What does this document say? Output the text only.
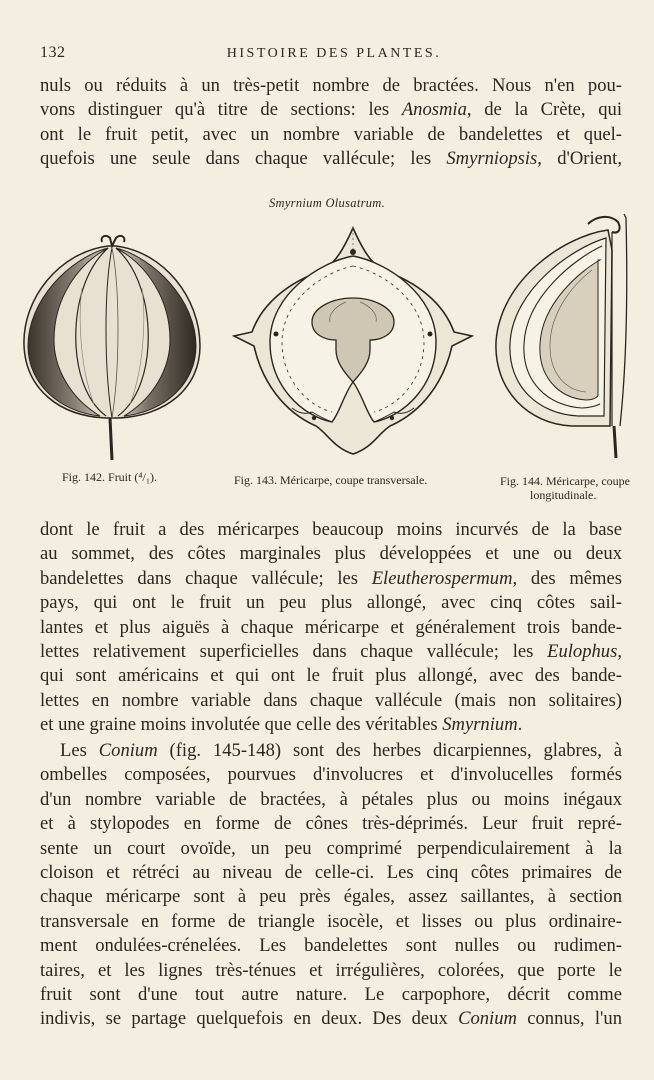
132	HISTOIRE DES PLANTES.

nuls ou réduits à un très-petit nombre de bractées. Nous n'en pou-
vons distinguer qu'à titre de sections: les Anosmia, de la Crète, qui
ont le fruit petit, avec un nombre variable de bandelettes et quel-
quefois une seule dans chaque vallécule; les Smyrniopsis, d'Orient,

Smyrnium Olusatrum.
Fig. 142. Fruit (⁴/₁).	Fig. 143. Méricarpe, coupe transversale.	Fig. 144. Méricarpe, coupe
longitudinale.

dont le fruit a des méricarpes beaucoup moins incurvés de la base
au sommet, des côtes marginales plus développées et une ou deux
bandelettes dans chaque vallécule; les Eleutherospermum, des mêmes
pays, qui ont le fruit un peu plus allongé, avec cinq côtes sail-
lantes et plus aiguës à chaque méricarpe et généralement trois bande-
lettes relativement superficielles dans chaque vallécule; les Eulophus,
qui sont américains et qui ont le fruit plus allongé, avec des bande-
lettes en nombre variable dans chaque vallécule (mais non solitaires)
et une graine moins involutée que celle des véritables Smyrnium.

Les Conium (fig. 145-148) sont des herbes dicarpiennes, glabres, à
ombelles composées, pourvues d'involucres et d'involucelles formés
d'un nombre variable de bractées, à pétales plus ou moins inégaux
et à stylopodes en forme de cônes très-déprimés. Leur fruit repré-
sente un court ovoïde, un peu comprimé perpendiculairement à la
cloison et rétréci au niveau de celle-ci. Les cinq côtes primaires de
chaque méricarpe sont à peu près égales, assez saillantes, à section
transversale en forme de triangle isocèle, et lisses ou plus ordinaire-
ment ondulées-crénelées. Les bandelettes sont nulles ou rudimen-
taires, et les lignes très-ténues et irrégulières, colorées, que porte le
fruit sont d'une tout autre nature. Le carpophore, décrit comme
indivis, se partage quelquefois en deux. Des deux Conium connus, l'un
